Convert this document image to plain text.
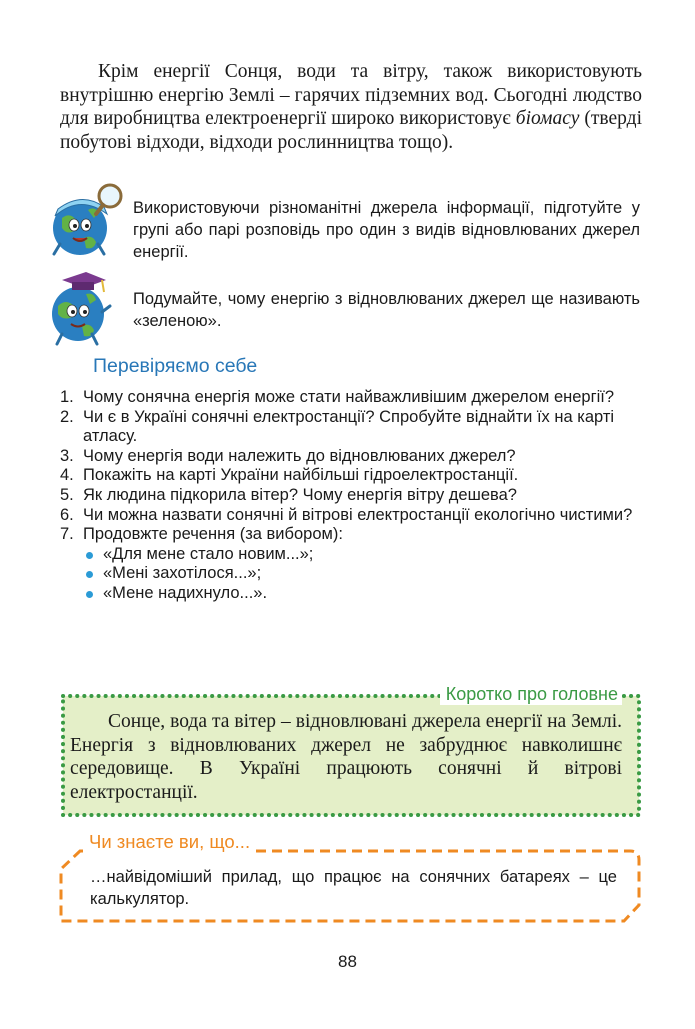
Крім енергії Сонця, води та вітру, також використовують внутрішню енергію Землі – гарячих підземних вод. Сьогодні людство для виробництва електроенергії широко використовує біомасу (тверді побутові відходи, відходи рослинництва тощо).

Використовуючи різноманітні джерела інформації, підготуйте у групі або парі розповідь про один з видів відновлюваних джерел енергії.

Подумайте, чому енергію з відновлюваних джерел ще називають «зеленою».

Перевіряємо себе
1. Чому сонячна енергія може стати найважливішим джерелом енергії?
2. Чи є в Україні сонячні електростанції? Спробуйте віднайти їх на карті атласу.
3. Чому енергія води належить до відновлюваних джерел?
4. Покажіть на карті України найбільші гідроелектростанції.
5. Як людина підкорила вітер? Чому енергія вітру дешева?
6. Чи можна назвати сонячні й вітрові електростанції екологічно чистими?
7. Продовжте речення (за вибором):
«Для мене стало новим...»;
«Мені захотілося...»;
«Мене надихнуло...».
Коротко про головне

Сонце, вода та вітер – відновлювані джерела енергії на Землі. Енергія з відновлюваних джерел не забруднює навколишнє середовище. В Україні працюють сонячні й вітрові електростанції.

Чи знаєте ви, що...

…найвідоміший прилад, що працює на сонячних батареях – це калькулятор.

88
